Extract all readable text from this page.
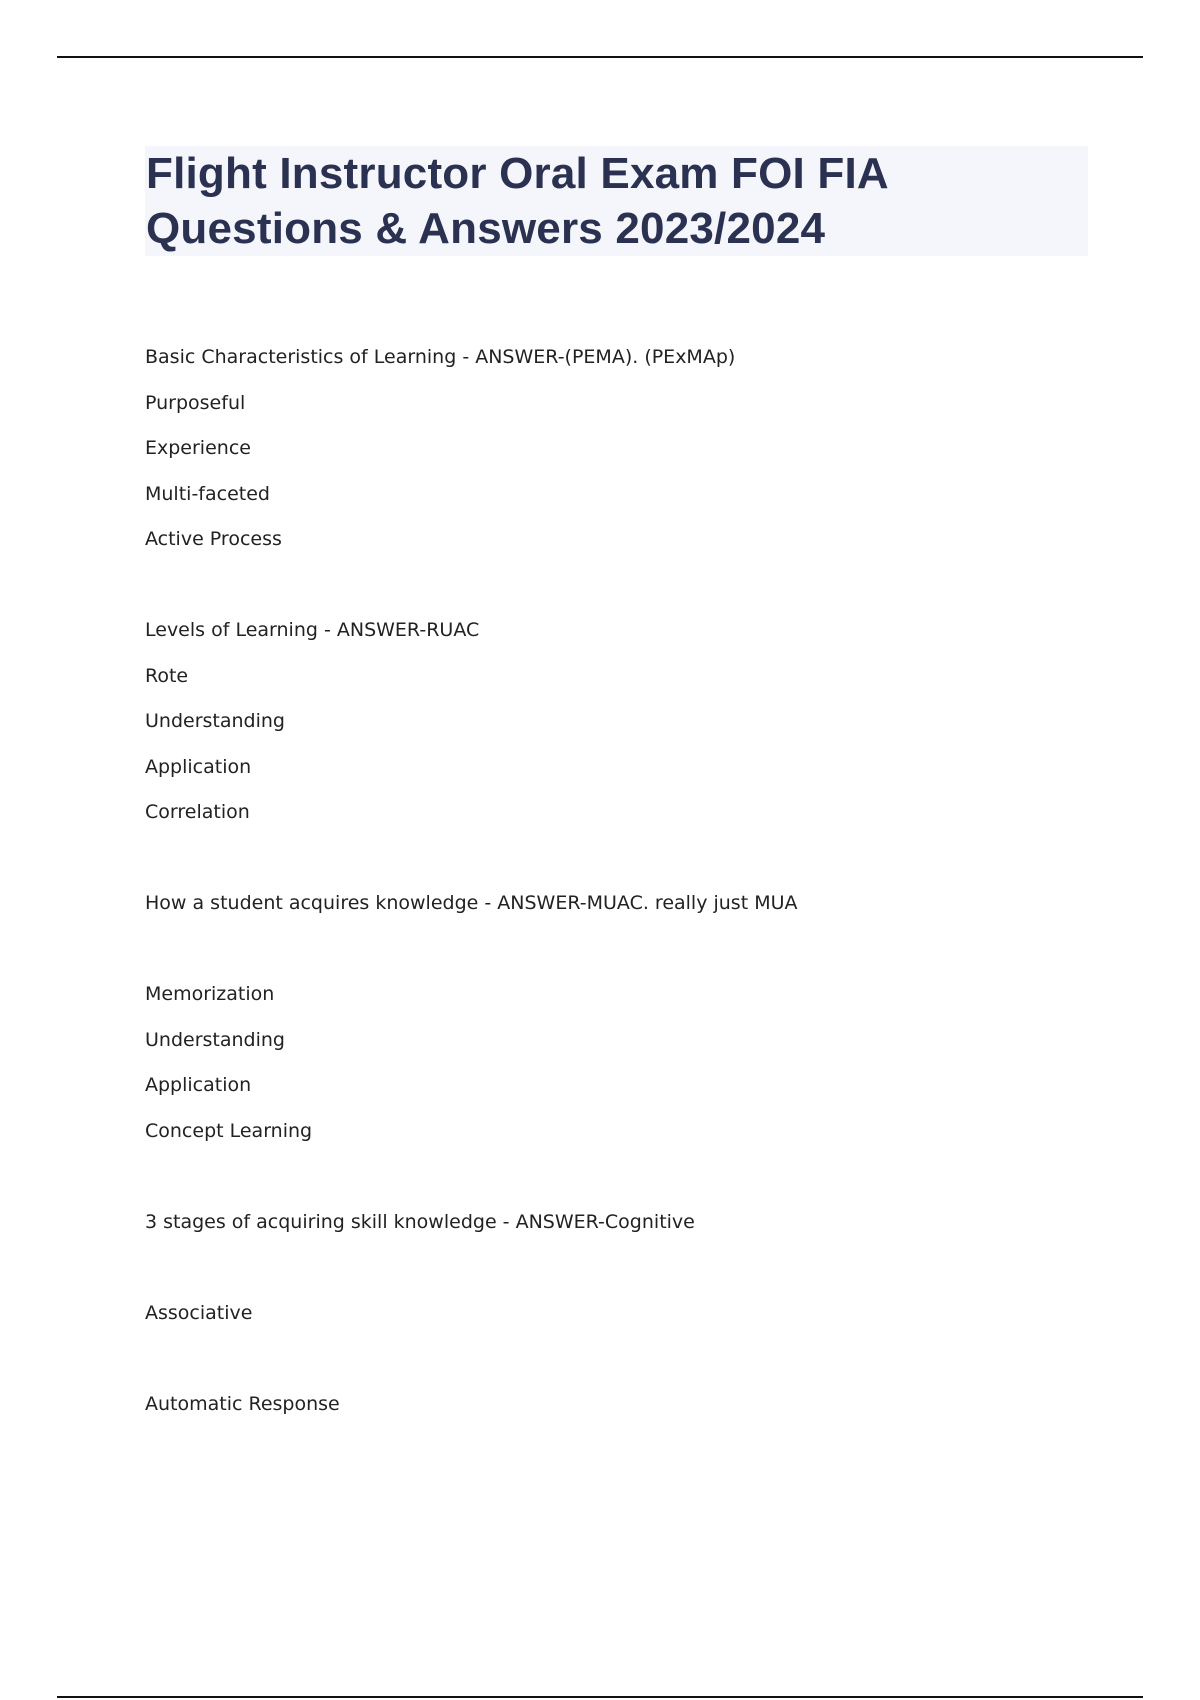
Flight Instructor Oral Exam FOI FIA
Questions & Answers 2023/2024
Basic Characteristics of Learning - ANSWER-(PEMA). (PExMAp)
Purposeful
Experience
Multi-faceted
Active Process
Levels of Learning - ANSWER-RUAC
Rote
Understanding
Application
Correlation
How a student acquires knowledge - ANSWER-MUAC. really just MUA
Memorization
Understanding
Application
Concept Learning
3 stages of acquiring skill knowledge - ANSWER-Cognitive
Associative
Automatic Response
